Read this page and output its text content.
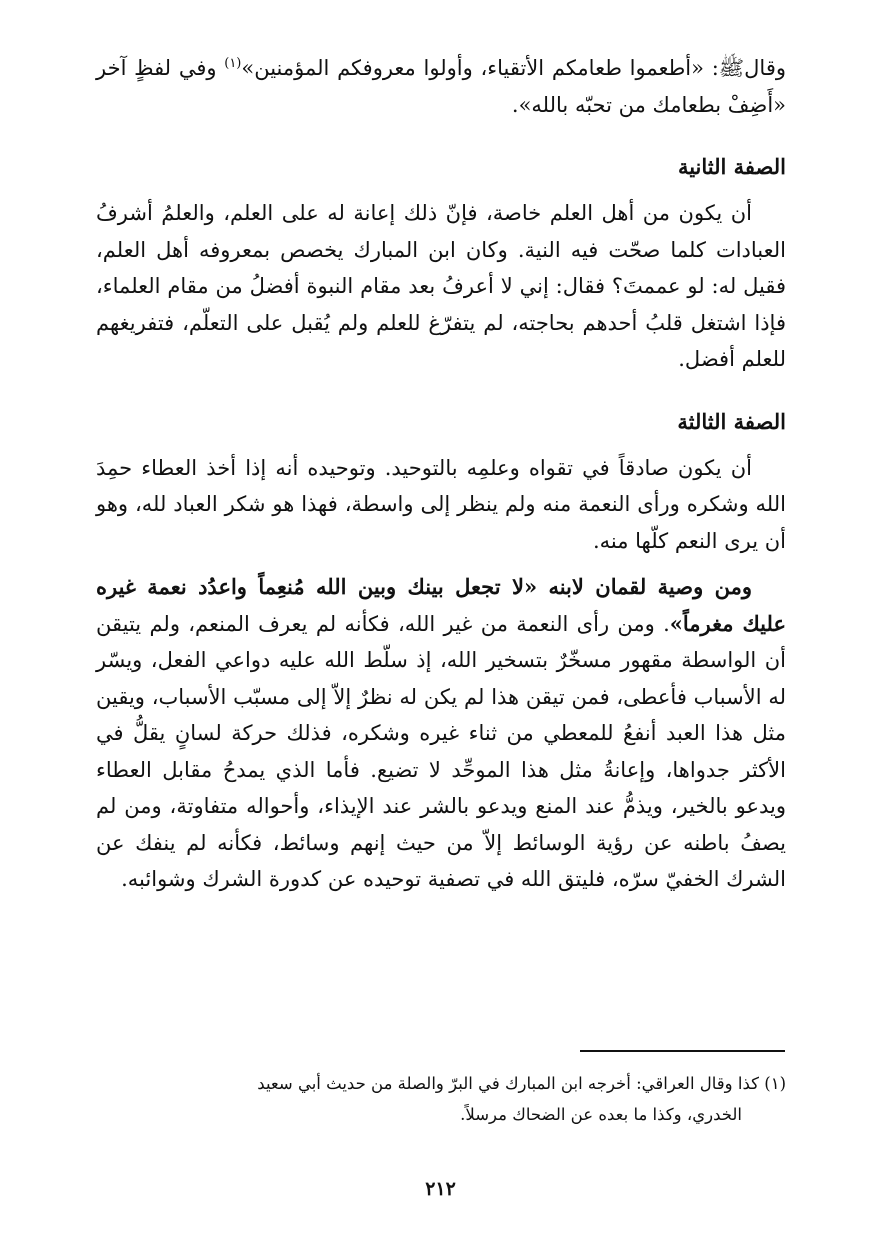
وقالﷺ: «أطعموا طعامكم الأتقياء، وأولوا معروفكم المؤمنين»$^{(١)}$ وفي لفظٍ آخر «أَضِفْ بطعامك من تحبّه بالله».

الصفة الثانية

أن يكون من أهل العلم خاصة، فإنّ ذلك إعانة له على العلم، والعلمُ أشرفُ العبادات كلما صحّت فيه النية. وكان ابن المبارك يخصص بمعروفه أهل العلم، فقيل له: لو عممتَ؟ فقال: إني لا أعرفُ بعد مقام النبوة أفضلُ من مقام العلماء، فإذا اشتغل قلبُ أحدهم بحاجته، لم يتفرّغ للعلم ولم يُقبل على التعلّم، فتفريغهم للعلم أفضل.

الصفة الثالثة

أن يكون صادقاً في تقواه وعلمِه بالتوحيد. وتوحيده أنه إذا أخذ العطاء حمِدَ الله وشكره ورأى النعمة منه ولم ينظر إلى واسطة، فهذا هو شكر العباد لله، وهو أن يرى النعم كلّها منه.

ومن وصية لقمان لابنه «لا تجعل بينك وبين الله مُنعِماً واعدُد نعمة غيره عليك مغرماً». ومن رأى النعمة من غير الله، فكأنه لم يعرف المنعم، ولم يتيقن أن الواسطة مقهور مسخّرٌ بتسخير الله، إذ سلّط الله عليه دواعي الفعل، ويسّر له الأسباب فأعطى، فمن تيقن هذا لم يكن له نظرٌ إلاّ إلى مسبّب الأسباب، ويقين مثل هذا العبد أنفعُ للمعطي من ثناء غيره وشكره، فذلك حركة لسانٍ يقلُّ في الأكثر جدواها، وإعانةُ مثل هذا الموحِّد لا تضيع. فأما الذي يمدحُ مقابل العطاء ويدعو بالخير، ويذمُّ عند المنع ويدعو بالشر عند الإيذاء، وأحواله متفاوتة، ومن لم يصفُ باطنه عن رؤية الوسائط إلاّ من حيث إنهم وسائط، فكأنه لم ينفك عن الشرك الخفيّ سرّه، فليتق الله في تصفية توحيده عن كدورة الشرك وشوائبه.

(١) كذا وقال العراقي: أخرجه ابن المبارك في البرّ والصلة من حديث أبي سعيد
الخدري، وكذا ما بعده عن الضحاك مرسلاً.
٢١٢
